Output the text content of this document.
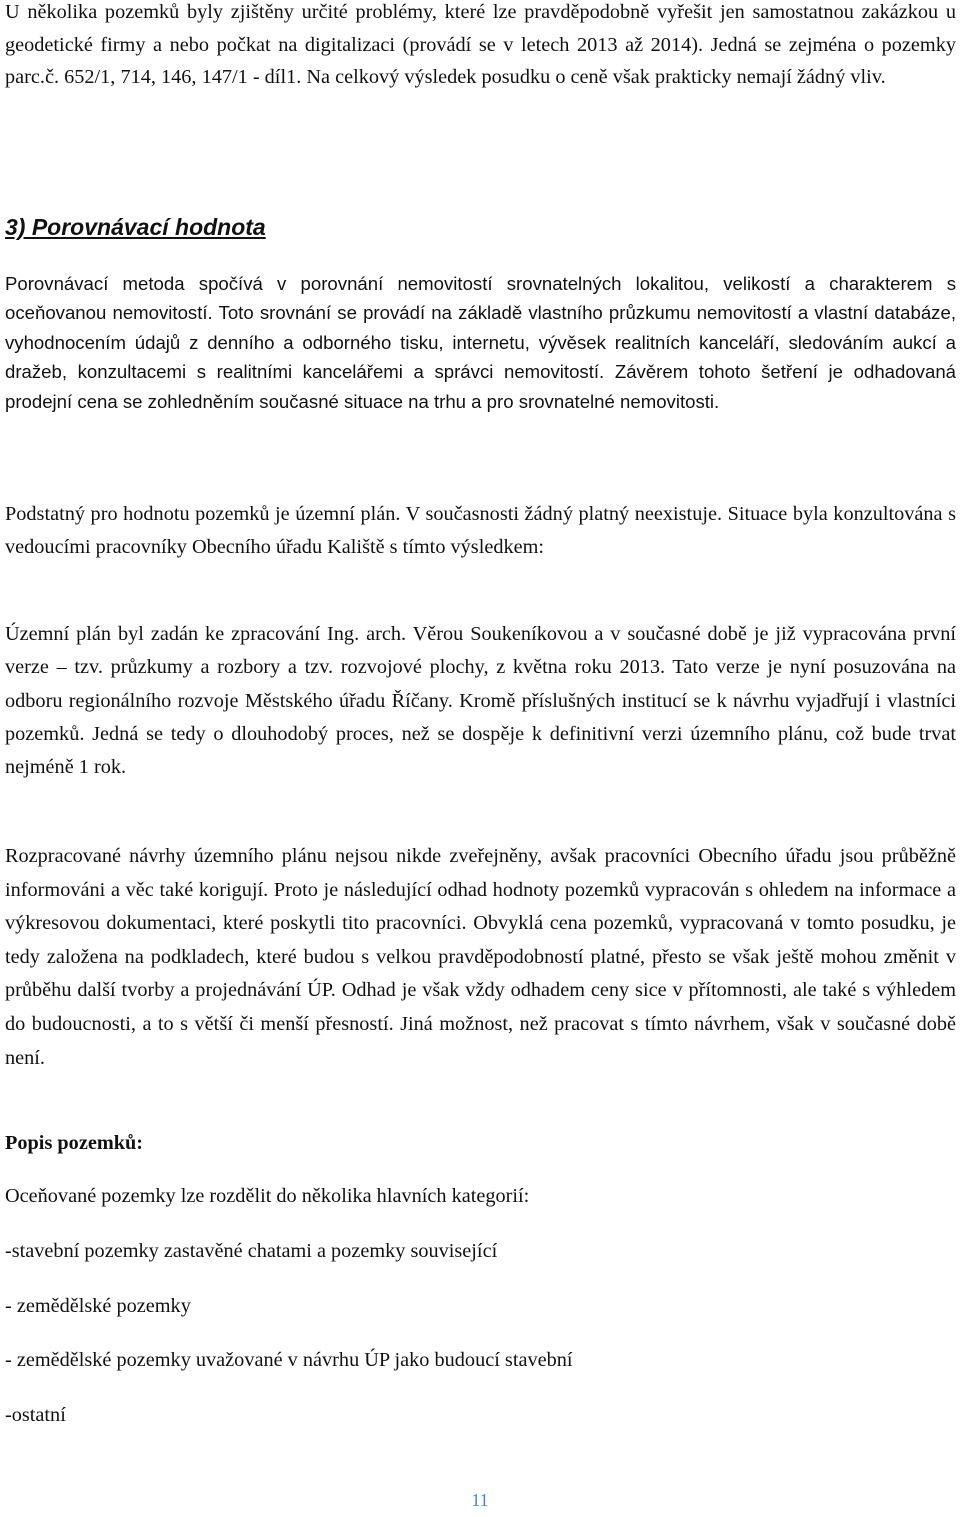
U několika pozemků byly zjištěny určité problémy, které lze pravděpodobně vyřešit jen samostatnou zakázkou u geodetické firmy a nebo počkat na digitalizaci (provádí se v letech 2013 až 2014). Jedná se zejména o pozemky parc.č. 652/1, 714, 146, 147/1 - díl1. Na celkový výsledek posudku o ceně však prakticky nemají žádný vliv.

3) Porovnávací hodnota

Porovnávací metoda spočívá v porovnání nemovitostí srovnatelných lokalitou, velikostí a charakterem s oceňovanou nemovitostí. Toto srovnání se provádí na základě vlastního průzkumu nemovitostí a vlastní databáze, vyhodnocením údajů z denního a odborného tisku, internetu, vývěsek realitních kanceláří, sledováním aukcí a dražeb, konzultacemi s realitními kancelářemi a správci nemovitostí. Závěrem tohoto šetření je odhadovaná prodejní cena se zohledněním současné situace na trhu a pro srovnatelné nemovitosti.

Podstatný pro hodnotu pozemků je územní plán. V současnosti žádný platný neexistuje. Situace byla konzultována s vedoucími pracovníky Obecního úřadu Kaliště s tímto výsledkem:

Územní plán byl zadán ke zpracování Ing. arch. Věrou Soukeníkovou a v současné době je již vypracována první verze – tzv. průzkumy a rozbory a tzv. rozvojové plochy, z května roku 2013. Tato verze je nyní posuzována na odboru regionálního rozvoje Městského úřadu Říčany. Kromě příslušných institucí se k návrhu vyjadřují i vlastníci pozemků. Jedná se tedy o dlouhodobý proces, než se dospěje k definitivní verzi územního plánu, což bude trvat nejméně 1 rok.

Rozpracované návrhy územního plánu nejsou nikde zveřejněny, avšak pracovníci Obecního úřadu jsou průběžně informováni a věc také korigují. Proto je následující odhad hodnoty pozemků vypracován s ohledem na informace a výkresovou dokumentaci, které poskytli tito pracovníci. Obvyklá cena pozemků, vypracovaná v tomto posudku, je tedy založena na podkladech, které budou s velkou pravděpodobností platné, přesto se však ještě mohou změnit v průběhu další tvorby a projednávání ÚP. Odhad je však vždy odhadem ceny sice v přítomnosti, ale také s výhledem do budoucnosti, a to s větší či menší přesností. Jiná možnost, než pracovat s tímto návrhem, však v současné době není.

Popis pozemků:

Oceňované pozemky lze rozdělit do několika hlavních kategorií:

-stavební pozemky zastavěné chatami a pozemky související
- zemědělské pozemky
- zemědělské pozemky uvažované v návrhu ÚP jako budoucí stavební
-ostatní
11
